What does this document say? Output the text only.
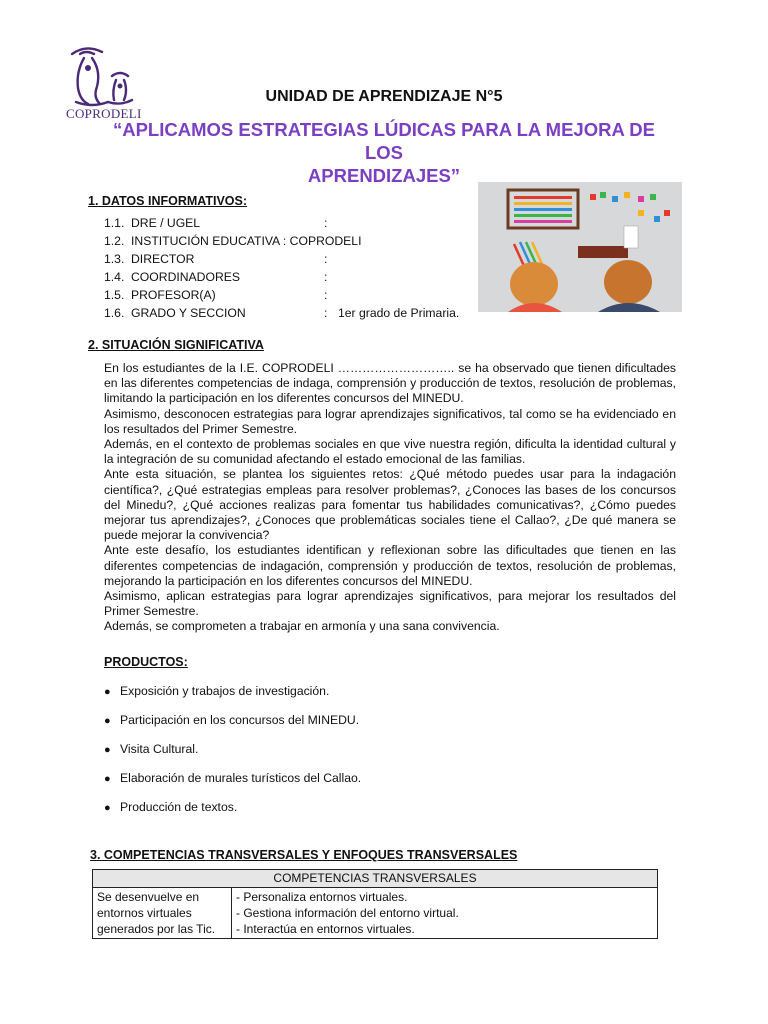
COPRODELI
UNIDAD DE APRENDIZAJE N°5
“APLICAMOS ESTRATEGIAS LÚDICAS PARA LA MEJORA DE LOS
APRENDIZAJES”
1. DATOS INFORMATIVOS:
1.1. DRE / UGEL	:
1.2. INSTITUCIÓN EDUCATIVA : COPRODELI
1.3. DIRECTOR	:
1.4. COORDINADORES	:
1.5. PROFESOR(A)	:
1.6. GRADO Y SECCION	: 1er grado de Primaria.
2. SITUACIÓN SIGNIFICATIVA

En los estudiantes de la I.E. COPRODELI ……………………….. se ha observado que tienen dificultades en las diferentes competencias de indaga, comprensión y producción de textos, resolución de problemas, limitando la participación en los diferentes concursos del MINEDU.

Asimismo, desconocen estrategias para lograr aprendizajes significativos, tal como se ha evidenciado en los resultados del Primer Semestre.

Además, en el contexto de problemas sociales en que vive nuestra región, dificulta la identidad cultural y la integración de su comunidad afectando el estado emocional de las familias.

Ante esta situación, se plantea los siguientes retos: ¿Qué método puedes usar para la indagación científica?, ¿Qué estrategias empleas para resolver problemas?, ¿Conoces las bases de los concursos del Minedu?, ¿Qué acciones realizas para fomentar tus habilidades comunicativas?, ¿Cómo puedes mejorar tus aprendizajes?, ¿Conoces que problemáticas sociales tiene el Callao?, ¿De qué manera se puede mejorar la convivencia?

Ante este desafío, los estudiantes identifican y reflexionan sobre las dificultades que tienen en las diferentes competencias de indagación, comprensión y producción de textos, resolución de problemas, mejorando la participación en los diferentes concursos del MINEDU.

Asimismo, aplican estrategias para lograr aprendizajes significativos, para mejorar los resultados del Primer Semestre.

Además, se comprometen a trabajar en armonía y una sana convivencia.

PRODUCTOS:
● Exposición y trabajos de investigación.
● Participación en los concursos del MINEDU.
● Visita Cultural.
● Elaboración de murales turísticos del Callao.
● Producción de textos.
3. COMPETENCIAS TRANSVERSALES Y ENFOQUES TRANSVERSALES
COMPETENCIAS TRANSVERSALES
Se desenvuelve en entornos virtuales generados por las Tic.	
- Personaliza entornos virtuales.
- Gestiona información del entorno virtual.
- Interactúa en entornos virtuales.
